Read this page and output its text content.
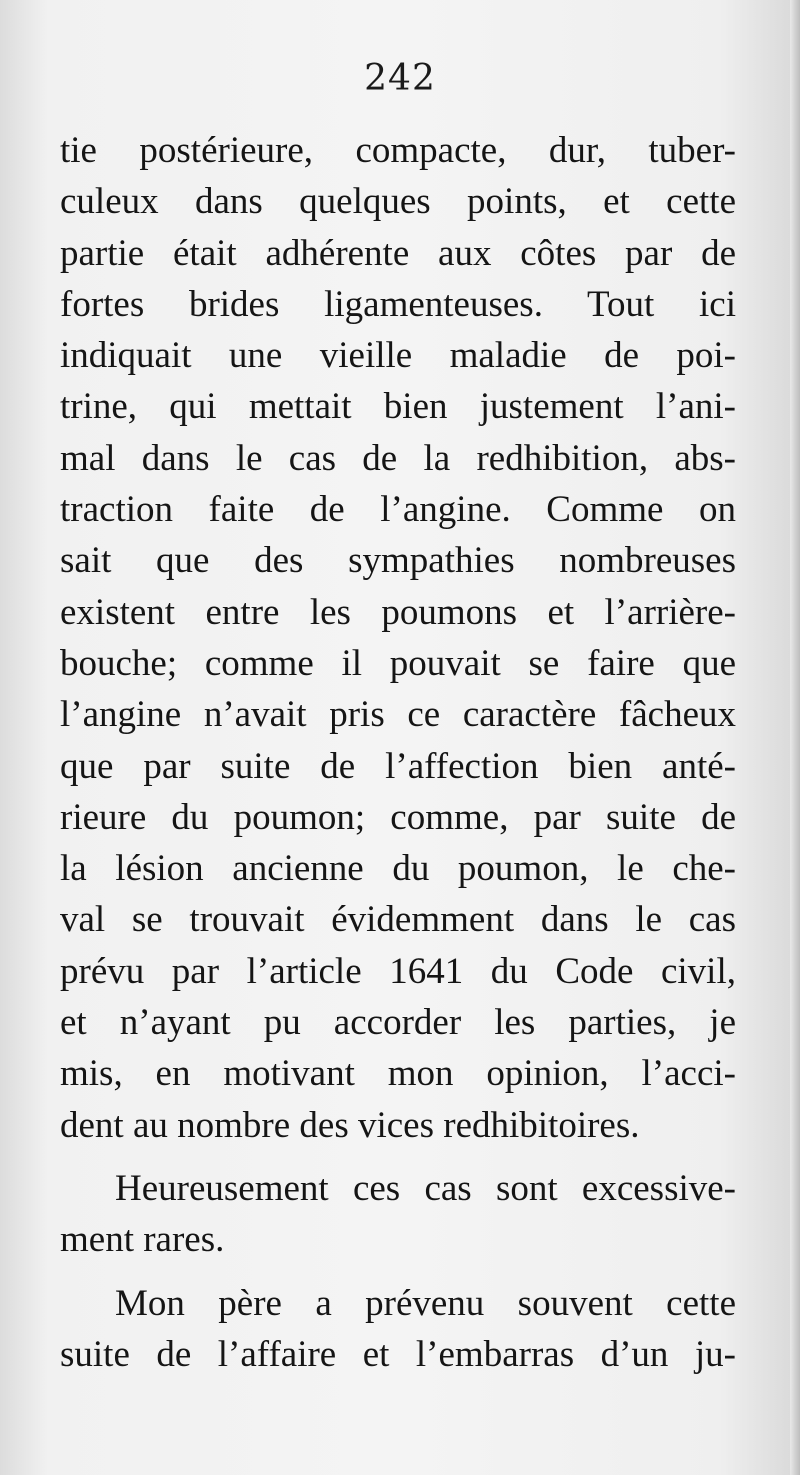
242
tie postérieure, compacte, dur, tuber-
culeux dans quelques points, et cette
partie était adhérente aux côtes par de
fortes brides ligamenteuses. Tout ici
indiquait une vieille maladie de poi-
trine, qui mettait bien justement l’ani-
mal dans le cas de la redhibition, abs-
traction faite de l’angine. Comme on
sait que des sympathies nombreuses
existent entre les poumons et l’arrière-
bouche; comme il pouvait se faire que
l’angine n’avait pris ce caractère fâcheux
que par suite de l’affection bien anté-
rieure du poumon; comme, par suite de
la lésion ancienne du poumon, le che-
val se trouvait évidemment dans le cas
prévu par l’article 1641 du Code civil,
et n’ayant pu accorder les parties, je
mis, en motivant mon opinion, l’acci-
dent au nombre des vices redhibitoires.
Heureusement ces cas sont excessive-
ment rares.
Mon père a prévenu souvent cette
suite de l’affaire et l’embarras d’un ju-
